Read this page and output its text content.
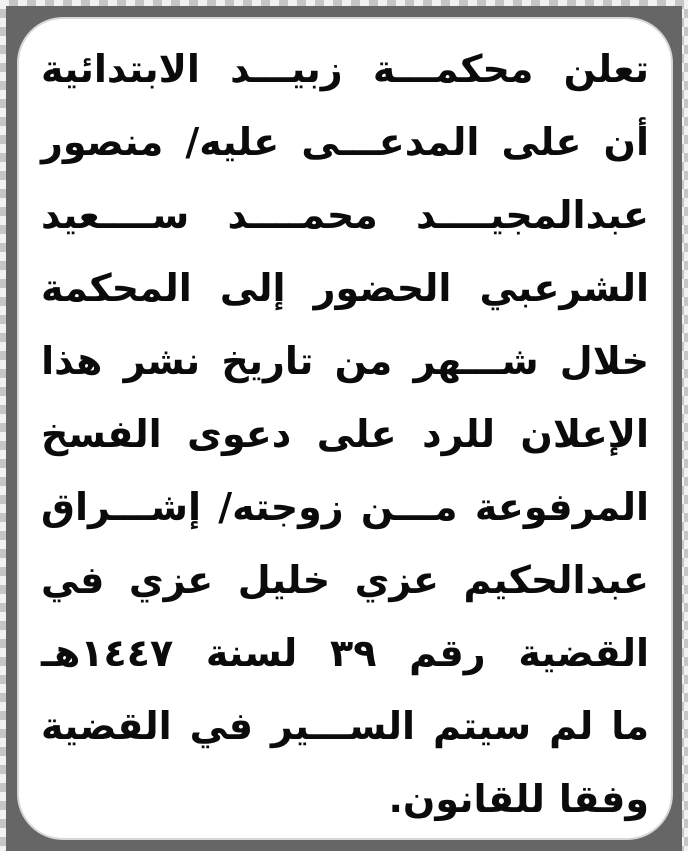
تعلن
محكمـــة
زبيـــد
الابتدائية
أن
على
المدعـــى
عليه/
منصور
عبدالمجيــــد
محمــــد
ســــعيد
الشرعبي
الحضور
إلى
المحكمة
خلال
شـــهر
من
تاريخ
نشر
هذا
الإعلان
للرد
على
دعوى
الفسخ
المرفوعة
مـــن
زوجته/
إشـــراق
عبدالحكيم
عزي
خليل
عزي
في
القضية
رقم
٣٩
لسنة
١٤٤٧هـ
ما
لم
سيتم
الســـير
في
القضية
وفقا
للقانون.
